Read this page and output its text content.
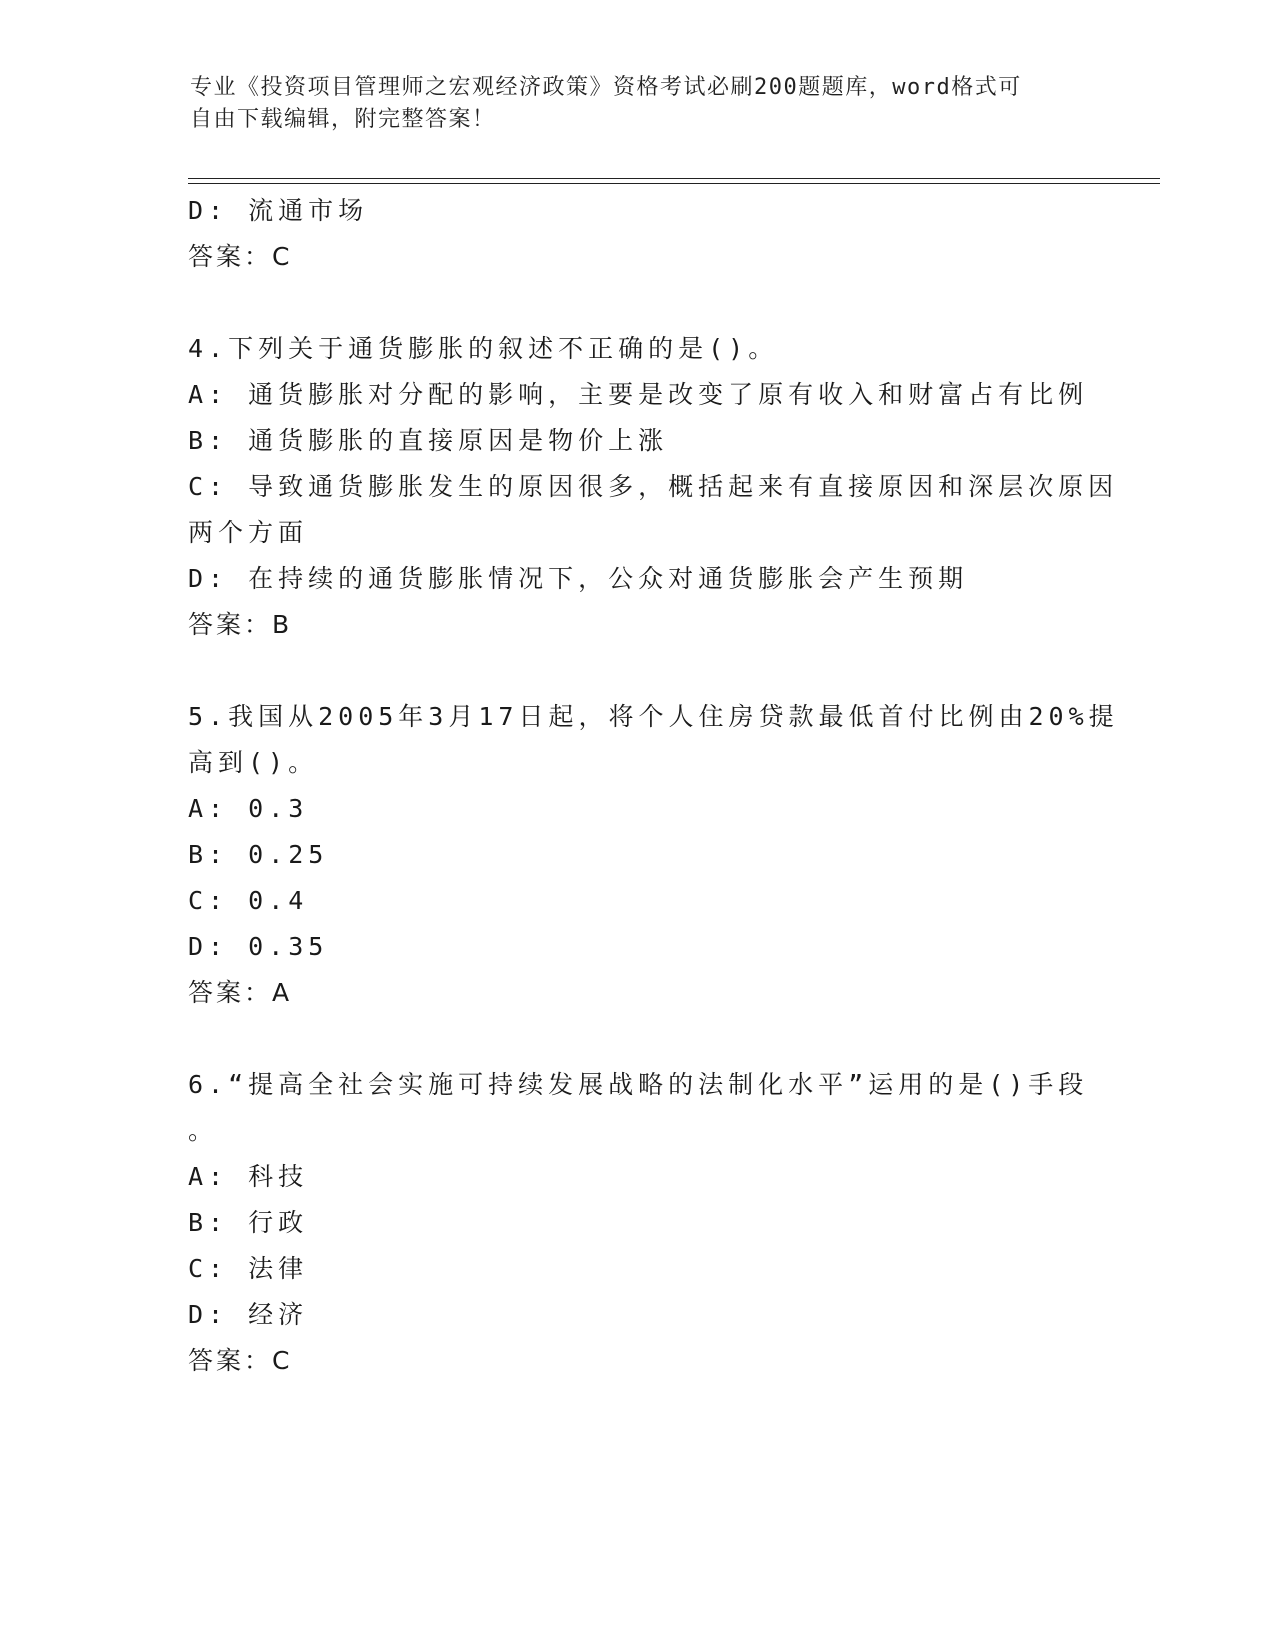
专业《投资项目管理师之宏观经济政策》资格考试必刷200题题库，word格式可
自由下载编辑，附完整答案！
D: 流通市场
答案：C
4.下列关于通货膨胀的叙述不正确的是()。
A: 通货膨胀对分配的影响，主要是改变了原有收入和财富占有比例
B: 通货膨胀的直接原因是物价上涨
C: 导致通货膨胀发生的原因很多，概括起来有直接原因和深层次原因
两个方面
D: 在持续的通货膨胀情况下，公众对通货膨胀会产生预期
答案：B
5.我国从2005年3月17日起，将个人住房贷款最低首付比例由20%提
高到()。
A: 0.3
B: 0.25
C: 0.4
D: 0.35
答案：A
6.“提高全社会实施可持续发展战略的法制化水平”运用的是()手段
。
A: 科技
B: 行政
C: 法律
D: 经济
答案：C
